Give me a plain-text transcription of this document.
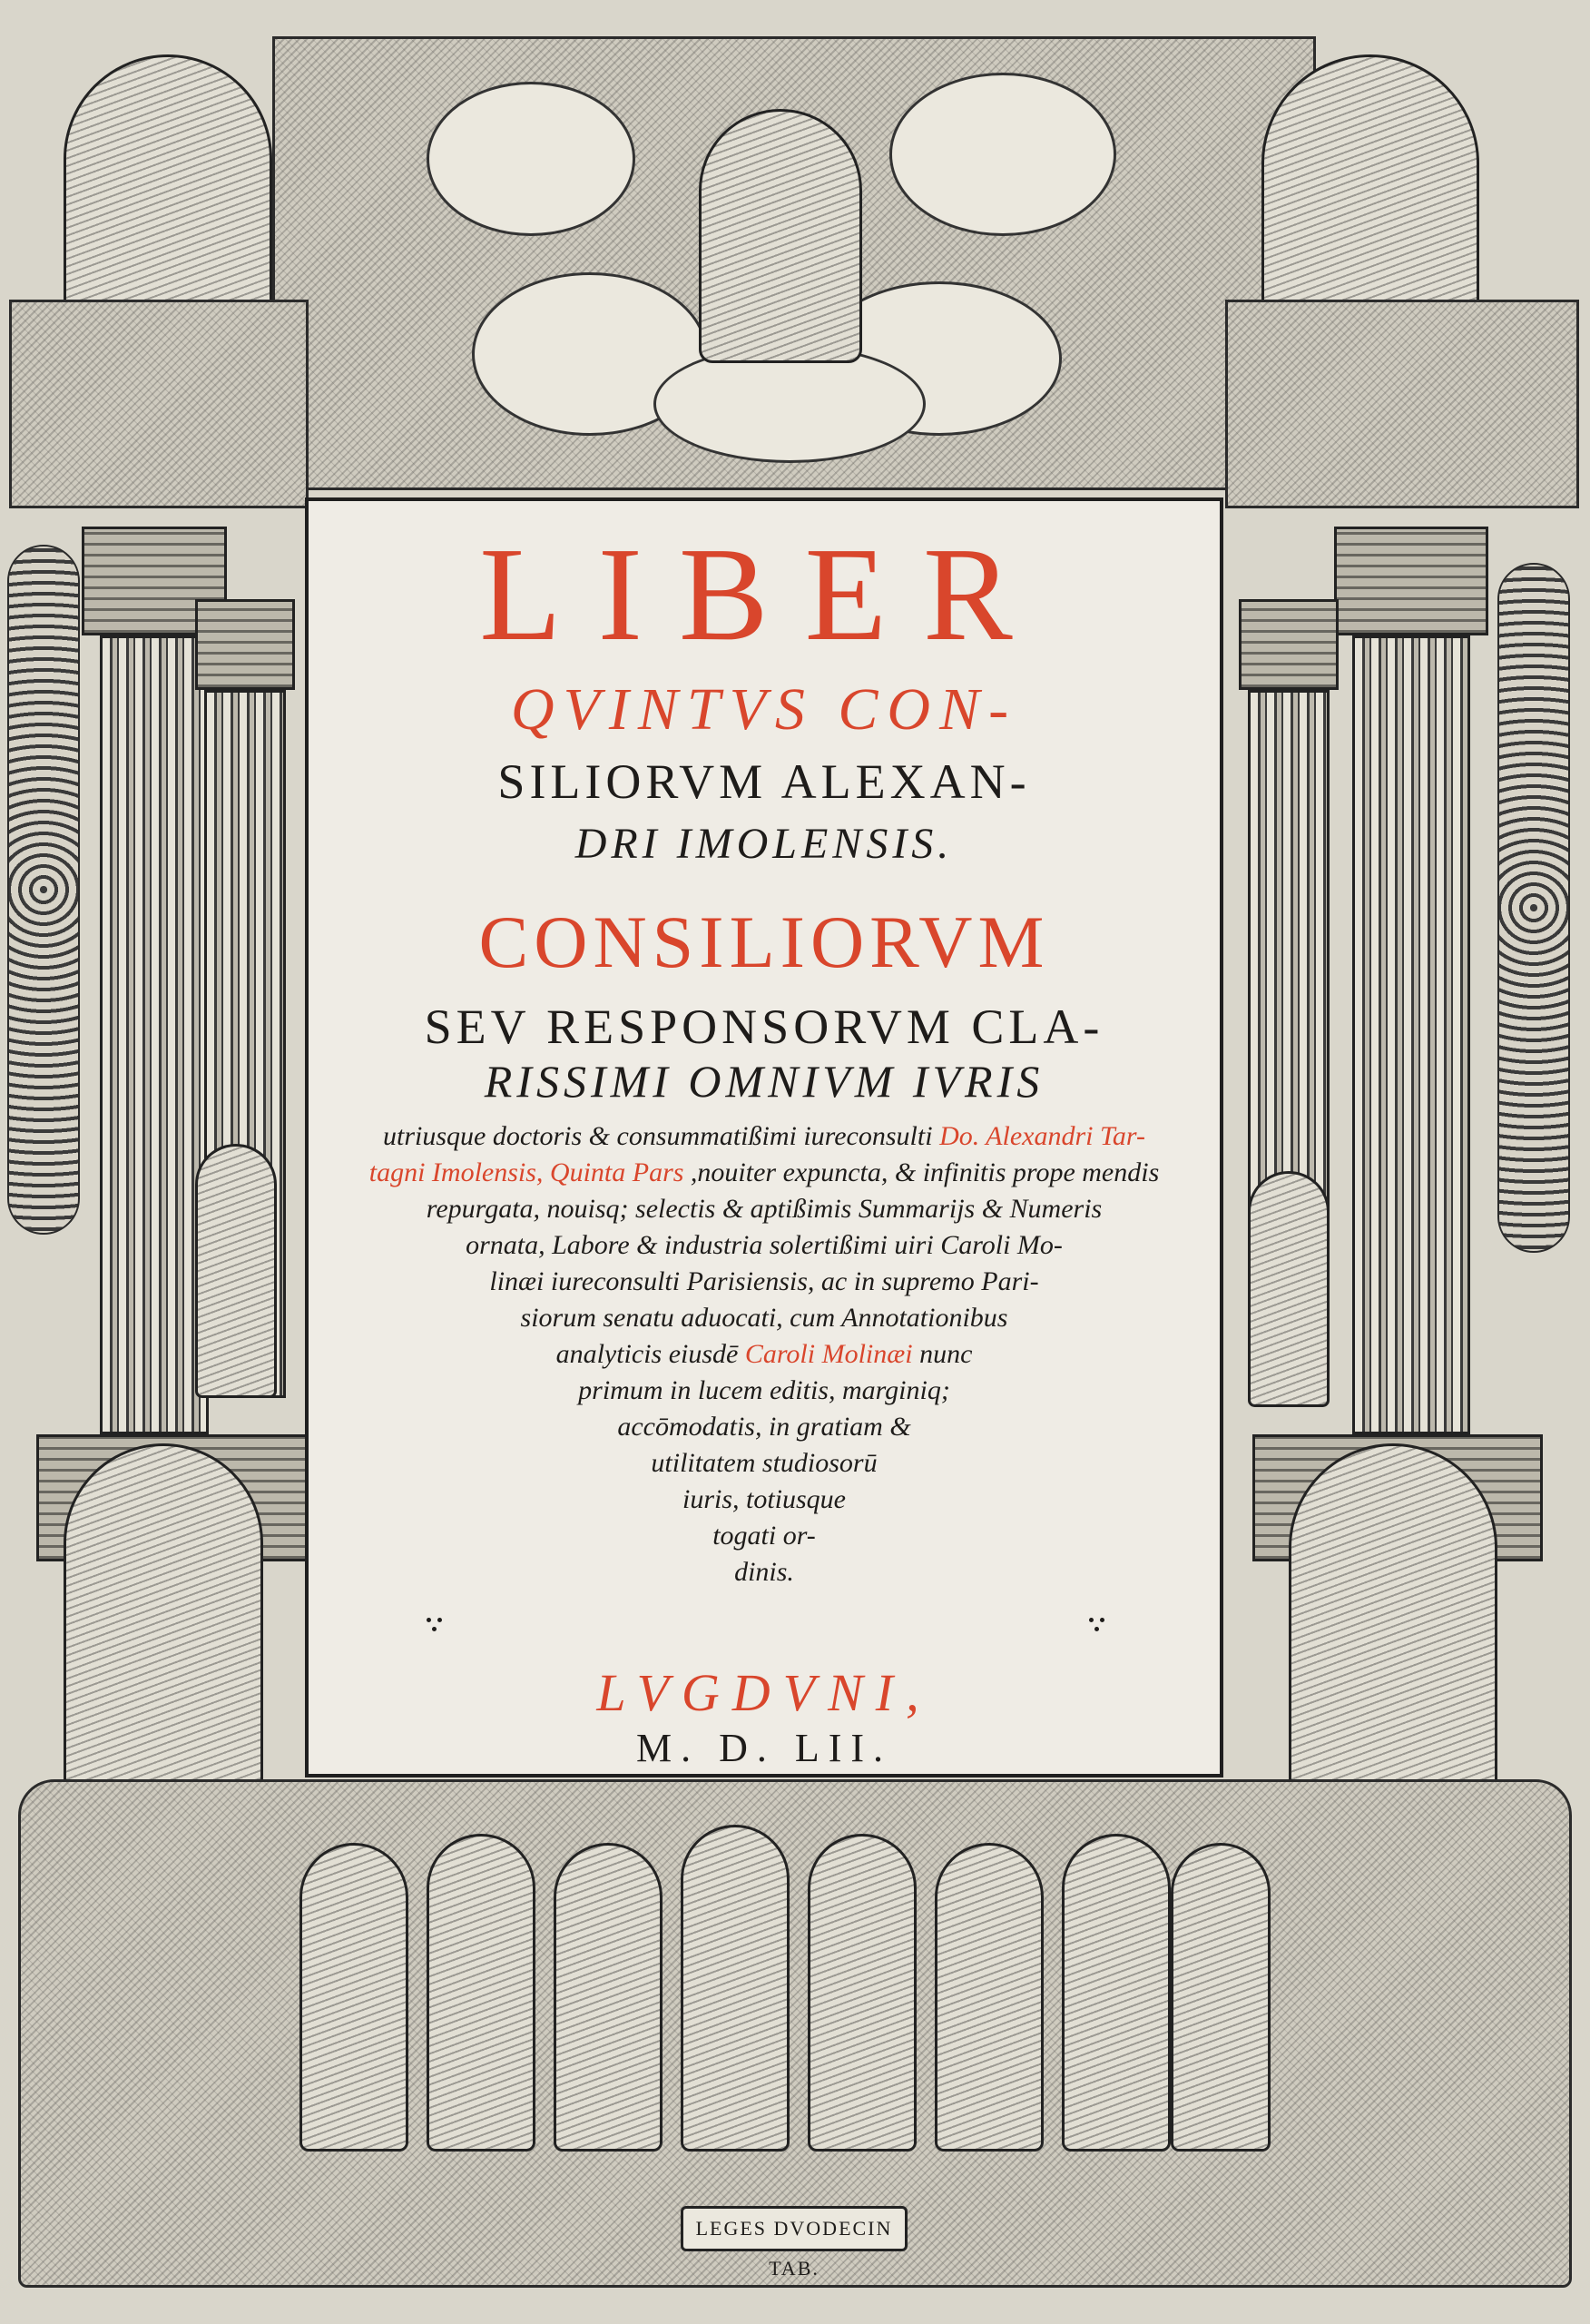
LEGES DVODECIN TAB.
LIBER
QVINTVS CON-
SILIORVM ALEXAN-
DRI IMOLENSIS.
CONSILIORVM
SEV RESPONSORVM CLA-
RISSIMI OMNIVM IVRIS
utriusque doctoris & consummatißimi iureconsulti Do. Alexandri Tar-
tagni Imolensis, Quinta Pars ,nouiter expuncta, & infinitis prope mendis
repurgata, nouisq; selectis & aptißimis Summarijs & Numeris
ornata, Labore & industria solertißimi uiri Caroli Mo-
linæi iureconsulti Parisiensis, ac in supremo Pari-
siorum senatu aduocati, cum Annotationibus
analyticis eiusdē Caroli Molinæi nunc
primum in lucem editis, marginiq;
accōmodatis, in gratiam &
utilitatem studiosorū
iuris, totiusque
togati or-
dinis.
LVGDVNI,
M. D. LII.
